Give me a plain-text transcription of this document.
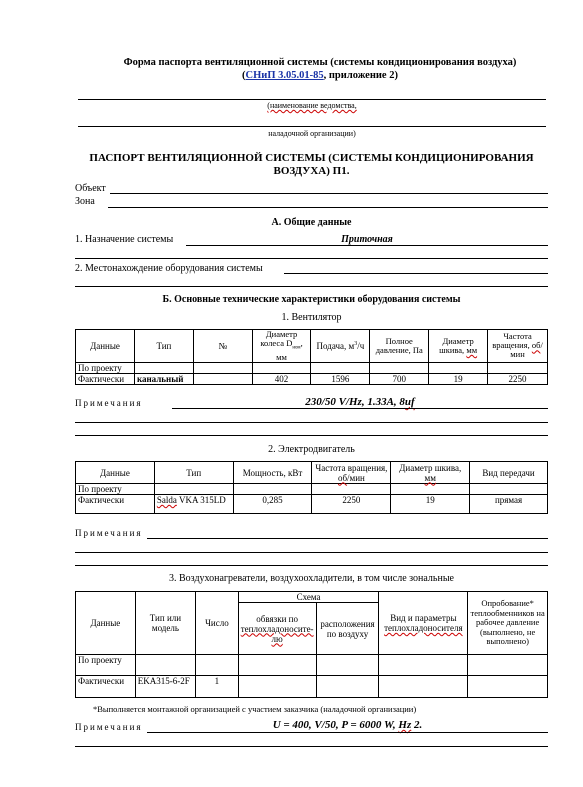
Форма паспорта вентиляционной системы (системы кондиционирования воздуха)
(СНиП 3.05.01-85, приложение 2)
(наименование ведомства,
наладочной организации)
ПАСПОРТ ВЕНТИЛЯЦИОННОЙ СИСТЕМЫ (СИСТЕМЫ КОНДИЦИОНИРОВАНИЯ ВОЗДУХА) П1.
Объект
Зона
А. Общие данные
1. Назначение системы	Приточная
2. Местонахождение оборудования системы
Б. Основные технические характеристики оборудования системы
1. Вентилятор
Данные	Тип	№	Диаметр колеса $D_{ном}$, мм	Подача, $м^3/ч$	Полное давление, Па	Диаметр шкива, мм	Частота вращения, об/мин
По проекту							
Фактически	канальный		402	1596	700	19	2250
Примечания	230/50 V/Hz, 1.33А, 8uf
2. Электродвигатель
Данные	Тип	Мощность, кВт	Частота вращения, об/мин	Диаметр шкива, мм	Вид передачи
По проекту					
Фактически	Salda VKA 315LD	0,285	2250	19	прямая
Примечания
3. Воздухонагреватели, воздухоохладители, в том числе зональные
Данные	Тип или модель	Число	Схема		Вид и параметры теплохладоносителя	Опробование* теплообменников на рабочее давление (выполнено, не выполнено)
			обвязки по теплохладоносите-лю	расположения по воздуху		
По проекту						
Фактически	EKA315-6-2F	1				
*Выполняется монтажной организацией с участием заказчика (наладочной организации)
Примечания	U = 400, V/50, P = 6000 W, Hz 2.
